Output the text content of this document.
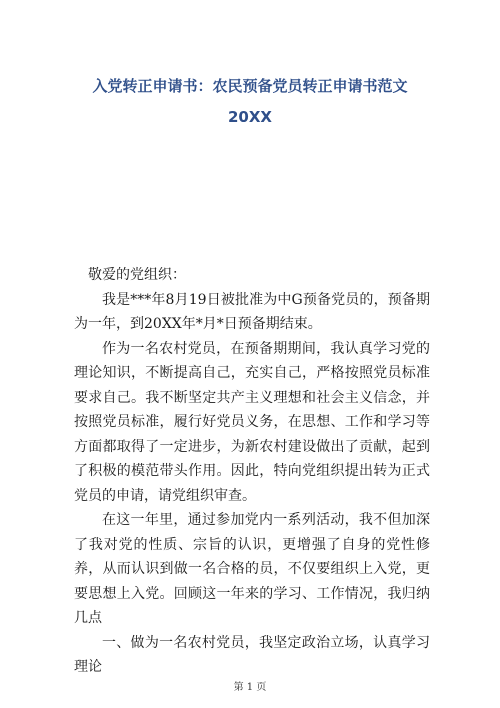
入党转正申请书：农民预备党员转正申请书范文
20XX

敬爱的党组织：

我是***年8月19日被批准为中G预备党员的，预备期为一年，到20XX年*月*日预备期结束。

作为一名农村党员，在预备期期间，我认真学习党的理论知识，不断提高自己，充实自己，严格按照党员标准要求自己。我不断坚定共产主义理想和社会主义信念，并按照党员标准，履行好党员义务，在思想、工作和学习等方面都取得了一定进步，为新农村建设做出了贡献，起到了积极的模范带头作用。因此，特向党组织提出转为正式党员的申请，请党组织审查。

在这一年里，通过参加党内一系列活动，我不但加深了我对党的性质、宗旨的认识，更增强了自身的党性修养，从而认识到做一名合格的员，不仅要组织上入党，更要思想上入党。回顾这一年来的学习、工作情况，我归纳几点

一、做为一名农村党员，我坚定政治立场，认真学习理论

第 1 页
